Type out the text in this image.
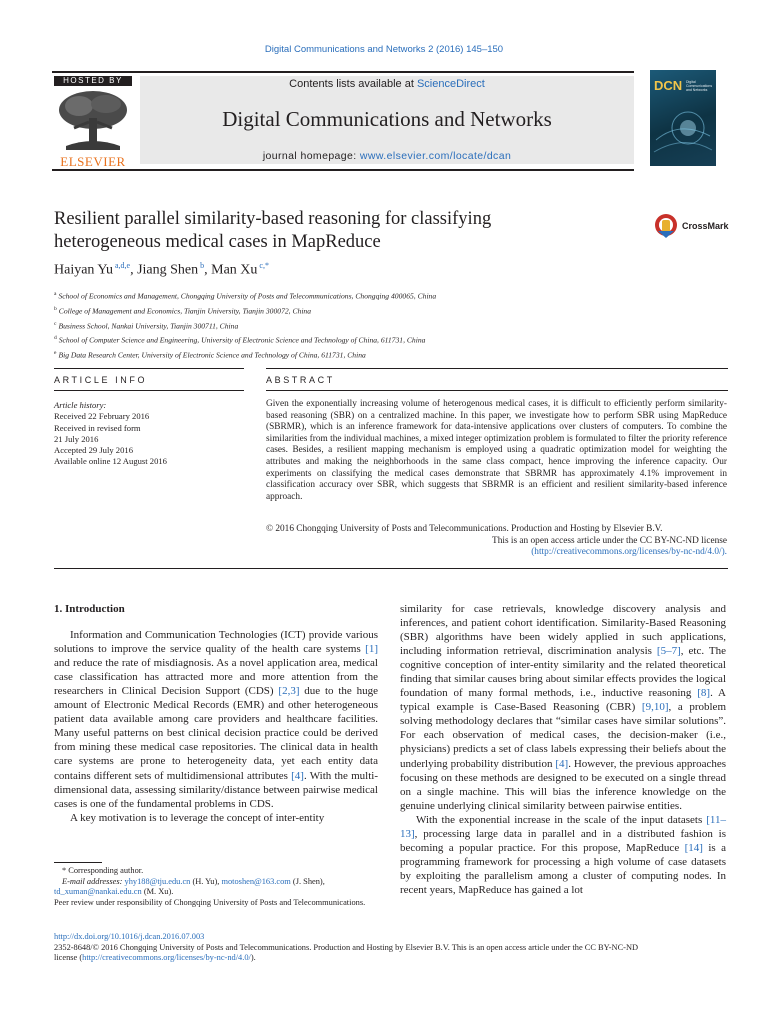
Digital Communications and Networks 2 (2016) 145–150
HOSTED BY
ELSEVIER
Contents lists available at ScienceDirect
Digital Communications and Networks
journal homepage: www.elsevier.com/locate/dcan
DCN Digital Communications and Networks
Resilient parallel similarity-based reasoning for classifying
heterogeneous medical cases in MapReduce
CrossMark
Haiyan Yu $^{a,d,e}$, Jiang Shen $^b$, Man Xu $^{c,*}$
$^a$ School of Economics and Management, Chongqing University of Posts and Telecommunications, Chongqing 400065, China
$^b$ College of Management and Economics, Tianjin University, Tianjin 300072, China
$^c$ Business School, Nankai University, Tianjin 300711, China
$^d$ School of Computer Science and Engineering, University of Electronic Science and Technology of China, 611731, China
$^e$ Big Data Research Center, University of Electronic Science and Technology of China, 611731, China
ARTICLE INFO	ABSTRACT
Article history:
Received 22 February 2016
Received in revised form
21 July 2016
Accepted 29 July 2016
Available online 12 August 2016
Given the exponentially increasing volume of heterogenous medical cases, it is difficult to efficiently perform similarity-based reasoning (SBR) on a centralized machine. In this paper, we investigate how to perform SBR using MapReduce (SBRMR), which is an inference framework for data-intensive applications over clusters of computers. To combine the similarities from the individual machines, a mixed integer optimization problem is formulated to filter the priority reference cases. Besides, a resilient mapping mechanism is employed using a quadratic optimization model for weighting the attributes and making the neighborhoods in the same class compact, hence improving the inference capacity. Our experiments on classifying the medical cases demonstrate that SBRMR has approximately 4.1% improvement in classification accuracy over SBR, which suggests that SBRMR is an efficient and resilient similarity-based inference approach.
© 2016 Chongqing University of Posts and Telecommunications. Production and Hosting by Elsevier B.V.
This is an open access article under the CC BY-NC-ND license
(http://creativecommons.org/licenses/by-nc-nd/4.0/).
1. Introduction

Information and Communication Technologies (ICT) provide various solutions to improve the service quality of the health care systems [1] and reduce the rate of misdiagnosis. As a novel application area, medical case classification has attracted more and more attention from the researchers in Clinical Decision Support (CDS) [2,3] due to the huge amount of Electronic Medical Records (EMR) and other heterogeneous patient data available among care providers and healthcare facilities. Many useful patterns on best clinical decision practice could be derived from mining these medical case repositories. The clinical data in health care systems are prone to heterogeneity data, yet each entity data contains different sets of multidimensional attributes [4]. With the multi-dimensional data, assessing similarity/distance between pairwise medical cases is one of the fundamental problems in CDS.

A key motivation is to leverage the concept of inter-entity

similarity for case retrievals, knowledge discovery analysis and inferences, and patient cohort identification. Similarity-Based Reasoning (SBR) algorithms have been widely applied in such applications, including information retrieval, discrimination analysis [5–7], etc. The cognitive conception of inter-entity similarity and the related theoretical finding that similar causes bring about similar effects provides the logical foundation of many formal methods, i.e., inductive reasoning [8]. A typical example is Case-Based Reasoning (CBR) [9,10], a problem solving methodology declares that “similar cases have similar solutions”. For each observation of medical cases, the decision-maker (i.e., physicians) predicts a set of class labels expressing their beliefs about the underlying probability distribution [4]. However, the previous approaches focusing on these methods are designed to be executed on a single thread on a single machine. This will bias the inference knowledge on the genuine underlying clinical similarity between pairwise entities.

With the exponential increase in the scale of the input datasets [11–13], processing large data in parallel and in a distributed fashion is becoming a popular practice. For this propose, MapReduce [14] is a programming framework for processing a high volume of case datasets by exploiting the parallelism among a cluster of computing nodes. In recent years, MapReduce has gained a lot

* Corresponding author.
E-mail addresses: yhy188@tju.edu.cn (H. Yu), motoshen@163.com (J. Shen),
td_xuman@nankai.edu.cn (M. Xu).
Peer review under responsibility of Chongqing University of Posts and Telecommunications.
http://dx.doi.org/10.1016/j.dcan.2016.07.003
2352-8648/© 2016 Chongqing University of Posts and Telecommunications. Production and Hosting by Elsevier B.V. This is an open access article under the CC BY-NC-ND
license (http://creativecommons.org/licenses/by-nc-nd/4.0/).
